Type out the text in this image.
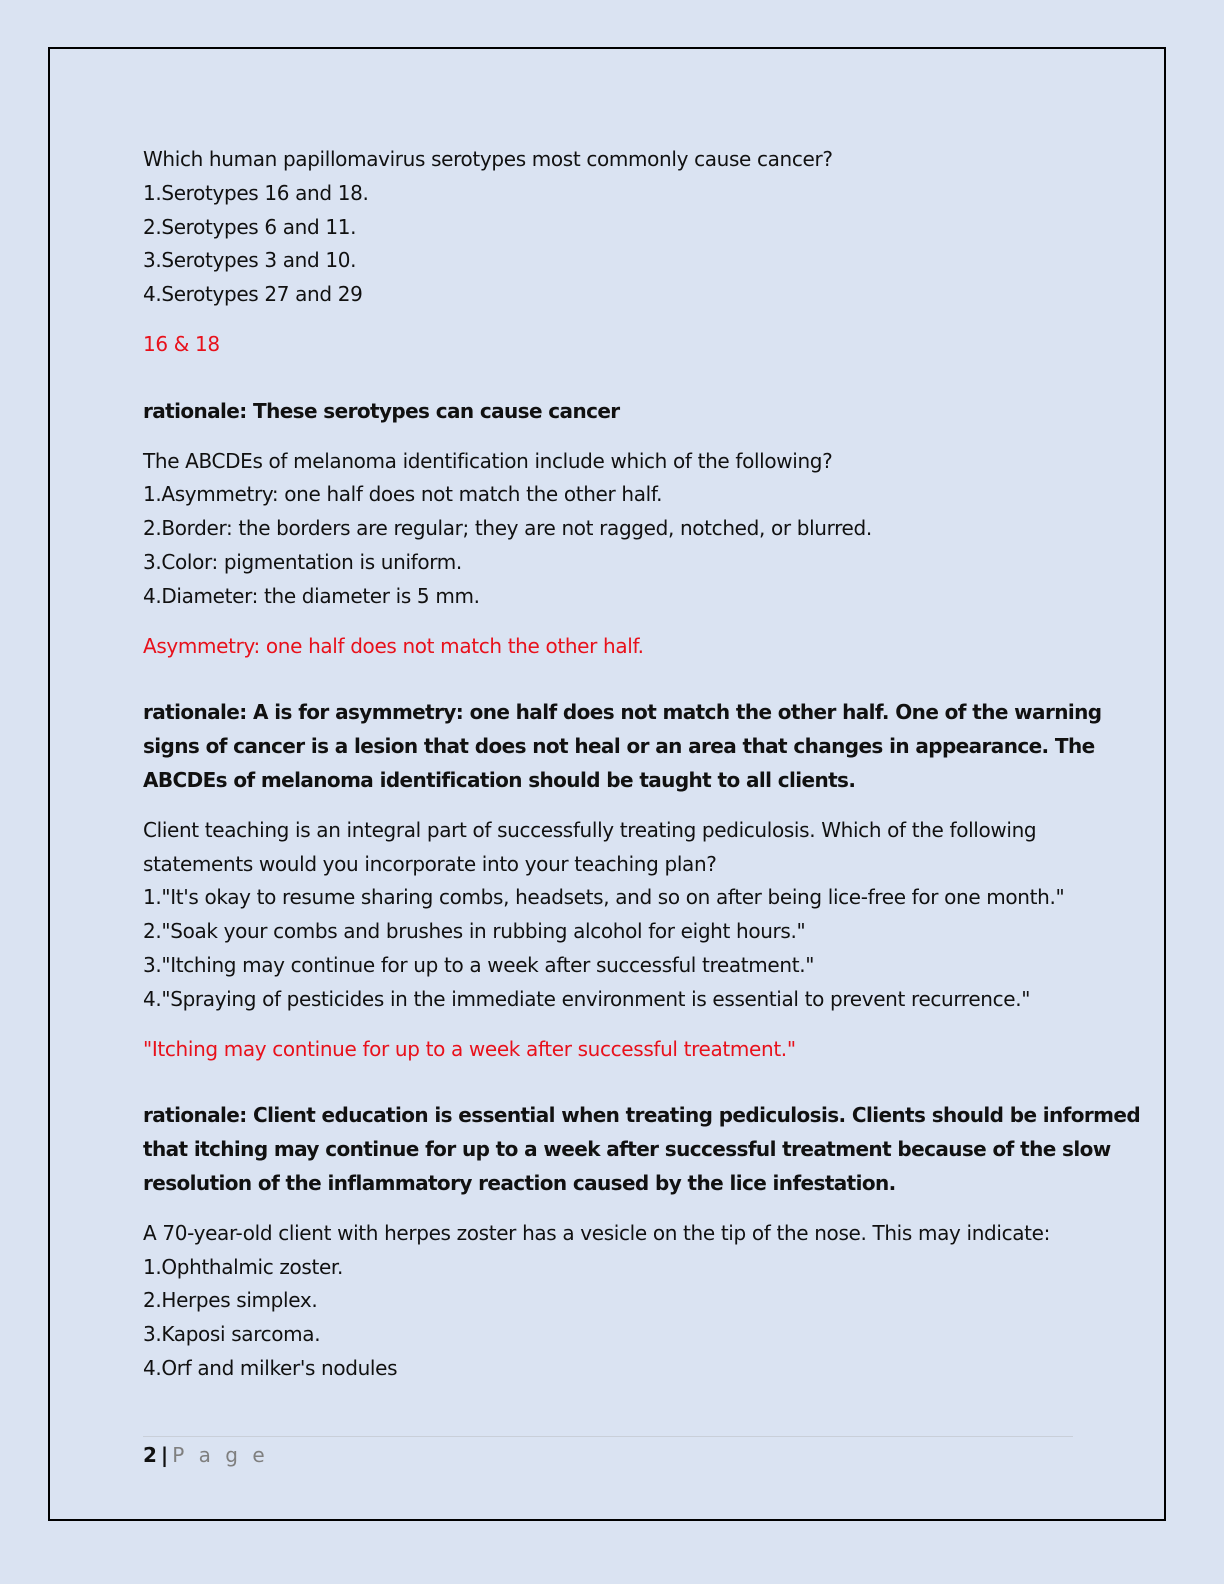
Which human papillomavirus serotypes most commonly cause cancer?
1.Serotypes 16 and 18.
2.Serotypes 6 and 11.
3.Serotypes 3 and 10.
4.Serotypes 27 and 29
16 & 18
rationale: These serotypes can cause cancer
The ABCDEs of melanoma identification include which of the following?
1.Asymmetry: one half does not match the other half.
2.Border: the borders are regular; they are not ragged, notched, or blurred.
3.Color: pigmentation is uniform.
4.Diameter: the diameter is 5 mm.
Asymmetry: one half does not match the other half.
rationale: A is for asymmetry: one half does not match the other half. One of the warning
signs of cancer is a lesion that does not heal or an area that changes in appearance. The
ABCDEs of melanoma identification should be taught to all clients.
Client teaching is an integral part of successfully treating pediculosis. Which of the following
statements would you incorporate into your teaching plan?
1."It's okay to resume sharing combs, headsets, and so on after being lice-free for one month."
2."Soak your combs and brushes in rubbing alcohol for eight hours."
3."Itching may continue for up to a week after successful treatment."
4."Spraying of pesticides in the immediate environment is essential to prevent recurrence."
"Itching may continue for up to a week after successful treatment."
rationale: Client education is essential when treating pediculosis. Clients should be informed
that itching may continue for up to a week after successful treatment because of the slow
resolution of the inflammatory reaction caused by the lice infestation.
A 70-year-old client with herpes zoster has a vesicle on the tip of the nose. This may indicate:
1.Ophthalmic zoster.
2.Herpes simplex.
3.Kaposi sarcoma.
4.Orf and milker's nodules
2 | P a g e
